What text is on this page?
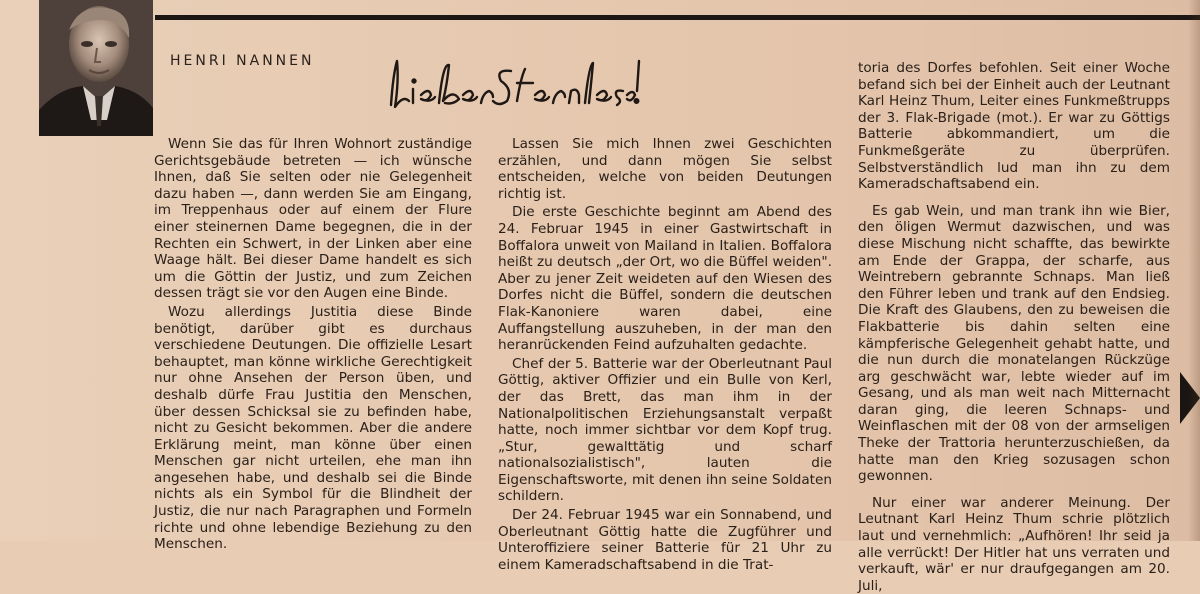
HENRI NANNEN

Wenn Sie das für Ihren Wohnort zuständige Gerichtsgebäude betreten — ich wünsche Ihnen, daß Sie selten oder nie Gelegenheit dazu haben —, dann werden Sie am Eingang, im Treppenhaus oder auf einem der Flure einer steinernen Dame begegnen, die in der Rechten ein Schwert, in der Linken aber eine Waage hält. Bei dieser Dame handelt es sich um die Göttin der Justiz, und zum Zeichen dessen trägt sie vor den Augen eine Binde.

Wozu allerdings Justitia diese Binde benötigt, darüber gibt es durchaus verschiedene Deutungen. Die offizielle Lesart behauptet, man könne wirkliche Gerechtigkeit nur ohne Ansehen der Person üben, und deshalb dürfe Frau Justitia den Menschen, über dessen Schicksal sie zu befinden habe, nicht zu Gesicht bekommen. Aber die andere Erklärung meint, man könne über einen Menschen gar nicht urteilen, ehe man ihn angesehen habe, und deshalb sei die Binde nichts als ein Symbol für die Blindheit der Justiz, die nur nach Paragraphen und Formeln richte und ohne lebendige Beziehung zu den Menschen.

Lassen Sie mich Ihnen zwei Geschichten erzählen, und dann mögen Sie selbst entscheiden, welche von beiden Deutungen richtig ist.

Die erste Geschichte beginnt am Abend des 24. Februar 1945 in einer Gastwirtschaft in Boffalora unweit von Mailand in Italien. Boffalora heißt zu deutsch „der Ort, wo die Büffel weiden". Aber zu jener Zeit weideten auf den Wiesen des Dorfes nicht die Büffel, sondern die deutschen Flak-Kanoniere waren dabei, eine Auffangstellung auszuheben, in der man den heranrückenden Feind aufzuhalten gedachte.

Chef der 5. Batterie war der Oberleutnant Paul Göttig, aktiver Offizier und ein Bulle von Kerl, der das Brett, das man ihm in der Nationalpolitischen Erziehungsanstalt verpaßt hatte, noch immer sichtbar vor dem Kopf trug. „Stur, gewalttätig und scharf nationalsozialistisch", lauten die Eigenschaftsworte, mit denen ihn seine Soldaten schildern.

Der 24. Februar 1945 war ein Sonnabend, und Oberleutnant Göttig hatte die Zugführer und Unteroffiziere seiner Batterie für 21 Uhr zu einem Kameradschaftsabend in die Trat-

toria des Dorfes befohlen. Seit einer Woche befand sich bei der Einheit auch der Leutnant Karl Heinz Thum, Leiter eines Funkmeßtrupps der 3. Flak-Brigade (mot.). Er war zu Göttigs Batterie abkommandiert, um die Funkmeßgeräte zu überprüfen. Selbstverständlich lud man ihn zu dem Kameradschaftsabend ein.

Es gab Wein, und man trank ihn wie Bier, den öligen Wermut dazwischen, und was diese Mischung nicht schaffte, das bewirkte am Ende der Grappa, der scharfe, aus Weintrebern gebrannte Schnaps. Man ließ den Führer leben und trank auf den Endsieg. Die Kraft des Glaubens, den zu beweisen die Flakbatterie bis dahin selten eine kämpferische Gelegenheit gehabt hatte, und die nun durch die monatelangen Rückzüge arg geschwächt war, lebte wieder auf im Gesang, und als man weit nach Mitternacht daran ging, die leeren Schnaps- und Weinflaschen mit der 08 von der armseligen Theke der Trattoria herunterzuschießen, da hatte man den Krieg sozusagen schon gewonnen.

Nur einer war anderer Meinung. Der Leutnant Karl Heinz Thum schrie plötzlich laut und vernehmlich: „Aufhören! Ihr seid ja alle verrückt! Der Hitler hat uns verraten und verkauft, wär' er nur draufgegangen am 20. Juli,
